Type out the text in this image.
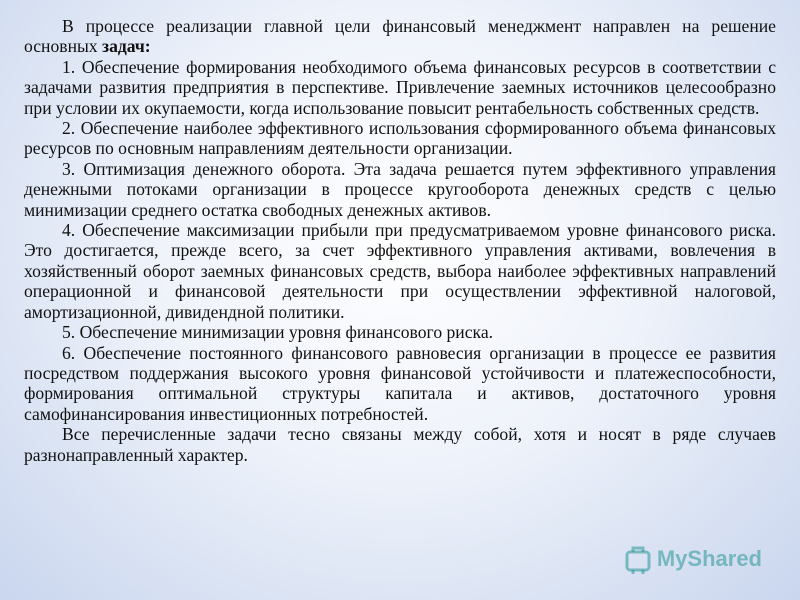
В процессе реализации главной цели финансовый менеджмент направлен на решение основных задач:

1. Обеспечение формирования необходимого объема финансовых ресурсов в соответствии с задачами развития предприятия в перспективе. Привлечение заемных источников целесообразно при условии их окупаемости, когда использование повысит рентабельность собственных средств.

2. Обеспечение наиболее эффективного использования сформированного объема финансовых ресурсов по основным направлениям деятельности организации.

3. Оптимизация денежного оборота. Эта задача решается путем эффективного управления денежными потоками организации в процессе кругооборота денежных средств с целью минимизации среднего остатка свободных денежных активов.

4. Обеспечение максимизации прибыли при предусматриваемом уровне финансового риска. Это достигается, прежде всего, за счет эффективного управления активами, вовлечения в хозяйственный оборот заемных финансовых средств, выбора наиболее эффективных направлений операционной и финансовой деятельности при осуществлении эффективной налоговой, амортизационной, дивидендной политики.

5. Обеспечение минимизации уровня финансового риска.

6. Обеспечение постоянного финансового равновесия организации в процессе ее развития посредством поддержания высокого уровня финансовой устойчивости и платежеспособности, формирования оптимальной структуры капитала и активов, достаточного уровня самофинансирования инвестиционных потребностей.

Все перечисленные задачи тесно связаны между собой, хотя и носят в ряде случаев разнонаправленный характер.

MyShared
